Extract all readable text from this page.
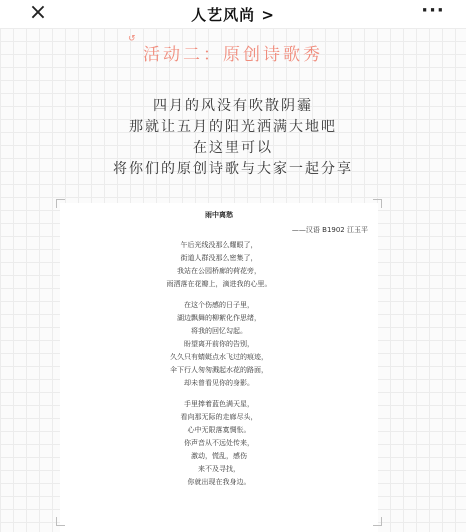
×	人艺风尚 >	···
↺
活动二：原创诗歌秀
四月的风没有吹散阴霾
那就让五月的阳光洒满大地吧
在这里可以
将你们的原创诗歌与大家一起分享
雨中离愁
——汉语 B1902 江玉平
午后光线没那么耀眼了，
街道人群没那么密集了，
我站在公园桥廊的荷花旁，
雨洒落在花瓣上，滴进我的心里。
在这个伤感的日子里，
湖边飘舞的柳絮化作思绪，
将我的回忆勾起。
盼望离开前你的告别，
久久只有蜻蜓点水飞过的痕迹，
伞下行人匆匆溅起水花的路面，
却未曾看见你的身影。
手里捧着蓝色满天星，
看向那无际的走廊尽头，
心中无限落寞惆怅。
你声音从不远处传来，
激动，慌乱，感伤
来不及寻找，
你就出现在我身边。
